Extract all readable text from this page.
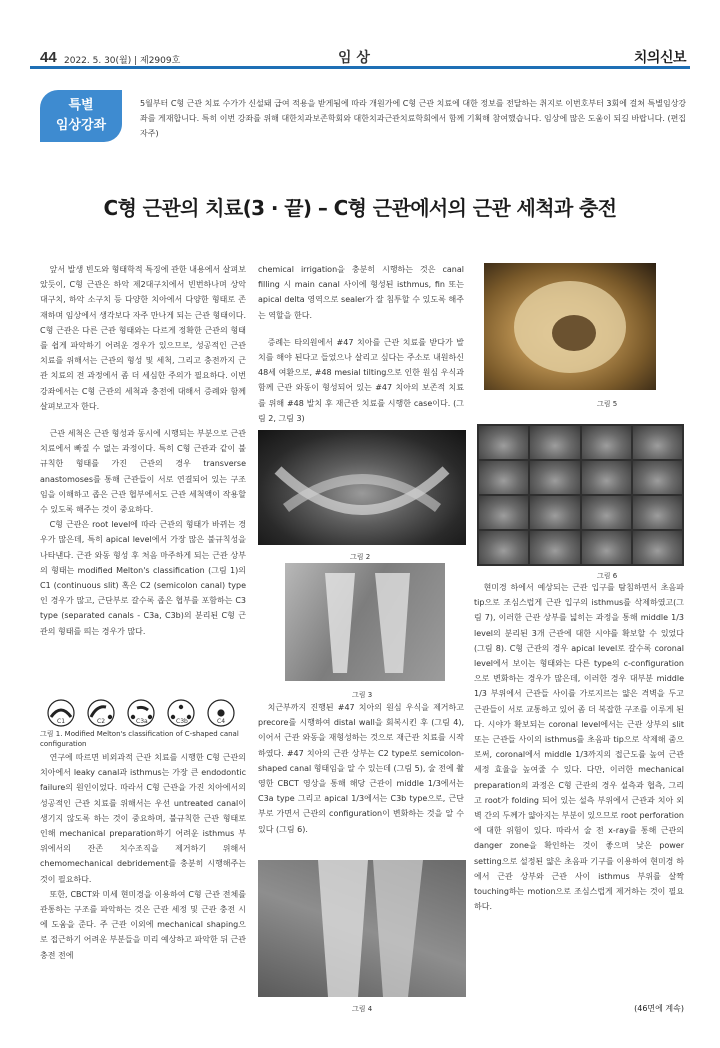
44 2022. 5. 30(월) | 제2909호	임 상	치의신보
특별
임상강좌
5월부터 C형 근관 치료 수가가 신설돼 급여 적용을 받게됨에 따라 개원가에 C형 근관 치료에 대한 정보를 전달하는 취지로 이번호부터 3회에 걸쳐 특별임상강좌를 게재합니다. 특히 이번 강좌를 위해 대한치과보존학회와 대한치과근관치료학회에서 함께 기획해 참여했습니다. 임상에 많은 도움이 되길 바랍니다. (편집자주)
C형 근관의 치료(3 · 끝) – C형 근관에서의 근관 세척과 충전

앞서 발생 빈도와 형태학적 특징에 관한 내용에서 살펴보았듯이, C형 근관은 하악 제2대구치에서 빈번하나며 상악 대구치, 하악 소구치 등 다양한 치아에서 다양한 형태로 존재하며 임상에서 생각보다 자주 만나게 되는 근관 형태이다. C형 근관은 다른 근관 형태와는 다르게 정확한 근관의 형태를 쉽게 파악하기 어려운 경우가 있으므로, 성공적인 근관 치료를 위해서는 근관의 형성 및 세척, 그리고 충전까지 근관 치료의 전 과정에서 좀 더 세심한 주의가 필요하다. 이번 강좌에서는 C형 근관의 세척과 충전에 대해서 증례와 함께 살펴보고자 한다.

근관 세척은 근관 형성과 동시에 시행되는 부분으로 근관 치료에서 빠질 수 없는 과정이다. 특히 C형 근관과 같이 불규칙한 형태를 가진 근관의 경우 transverse anastomoses를 통해 근관들이 서로 연결되어 있는 구조임을 이해하고 좁은 근관 협부에서도 근관 세척액이 작용할 수 있도록 해주는 것이 중요하다.

C형 근관은 root level에 따라 근관의 형태가 바뀌는 경우가 많은데, 특히 apical level에서 가장 많은 불규칙성을 나타낸다. 근관 와동 형성 후 처음 마주하게 되는 근관 상부의 형태는 modified Melton's classification (그림 1)의 C1 (continuous slit) 혹은 C2 (semicolon canal) type인 경우가 많고, 근단부로 갈수록 좁은 협부를 포함하는 C3 type (separated canals - C3a, C3b)의 분리된 C형 근관의 형태를 띄는 경우가 많다.

C1	C2	C3a	C3b	C4
그림 1. Modified Melton's classification of C-shaped canal configuration

연구에 따르면 비외과적 근관 치료를 시행한 C형 근관의 치아에서 leaky canal과 isthmus는 가장 큰 endodontic failure의 원인이었다. 따라서 C형 근관을 가진 치아에서의 성공적인 근관 치료를 위해서는 우선 untreated canal이 생기지 않도록 하는 것이 중요하며, 불규칙한 근관 형태로 인해 mechanical preparation하기 어려운 isthmus 부위에서의 잔존 치수조직을 제거하기 위해서 chemomechanical debridement를 충분히 시행해주는 것이 필요하다.

또한, CBCT와 미세 현미경을 이용하여 C형 근관 전체를 관통하는 구조를 파악하는 것은 근관 세정 및 근관 충전 시에 도움을 준다. 주 근관 이외에 mechanical shaping으로 접근하기 어려운 부분들을 미리 예상하고 파악한 뒤 근관 충전 전에

chemical irrigation을 충분히 시행하는 것은 canal filling 시 main canal 사이에 형성된 isthmus, fin 또는 apical delta 영역으로 sealer가 잘 침투할 수 있도록 해주는 역할을 한다.

증례는 타의원에서 #47 치아를 근관 치료를 받다가 발치를 해야 된다고 들었으나 살리고 싶다는 주소로 내원하신 48세 여환으로, #48 mesial tilting으로 인한 원심 우식과 함께 근관 와동이 형성되어 있는 #47 치아의 보존적 치료를 위해 #48 발치 후 재근관 치료를 시행한 case이다. (그림 2, 그림 3)

그림 2
그림 3

치근부까지 진행된 #47 치아의 원심 우식을 제거하고 precore를 시행하여 distal wall을 회복시킨 후 (그림 4), 이어서 근관 와동을 재형성하는 것으로 재근관 치료를 시작하였다. #47 치아의 근관 상부는 C2 type로 semicolon-shaped canal 형태임을 알 수 있는데 (그림 5), 술 전에 촬영한 CBCT 영상을 통해 해당 근관이 middle 1/3에서는 C3a type 그리고 apical 1/3에서는 C3b type으로, 근단부로 가면서 근관의 configuration이 변화하는 것을 알 수 있다 (그림 6).

그림 4
그림 5
그림 6

현미경 하에서 예상되는 근관 입구를 탐침하면서 초음파 tip으로 조심스럽게 근관 입구의 isthmus를 삭제하였고(그림 7), 이러한 근관 상부를 넓히는 과정을 통해 middle 1/3 level의 분리된 3개 근관에 대한 시야를 확보할 수 있었다 (그림 8). C형 근관의 경우 apical level로 갈수록 coronal level에서 보이는 형태와는 다른 type의 c-configuration으로 변화하는 경우가 많은데, 이러한 경우 대부분 middle 1/3 부위에서 근관들 사이를 가로지르는 얇은 격벽을 두고 근관들이 서로 교통하고 있어 좀 더 복잡한 구조를 이루게 된다. 시야가 확보되는 coronal level에서는 근관 상부의 slit 또는 근관들 사이의 isthmus를 초음파 tip으로 삭제해 줌으로써, coronal에서 middle 1/3까지의 접근도를 높여 근관 세정 효율을 높여줄 수 있다. 다만, 이러한 mechanical preparation의 과정은 C형 근관의 경우 설측과 협측, 그리고 root가 folding 되어 있는 설측 부위에서 근관과 치아 외벽 간의 두께가 얇아지는 부분이 있으므로 root perforation에 대한 위험이 있다. 따라서 술 전 x-ray를 통해 근관의 danger zone을 확인하는 것이 좋으며 낮은 power setting으로 설정된 얇은 초음파 기구를 이용하여 현미경 하에서 근관 상부와 근관 사이 isthmus 부위를 살짝 touching하는 motion으로 조심스럽게 제거하는 것이 필요하다.

(46면에 계속)
